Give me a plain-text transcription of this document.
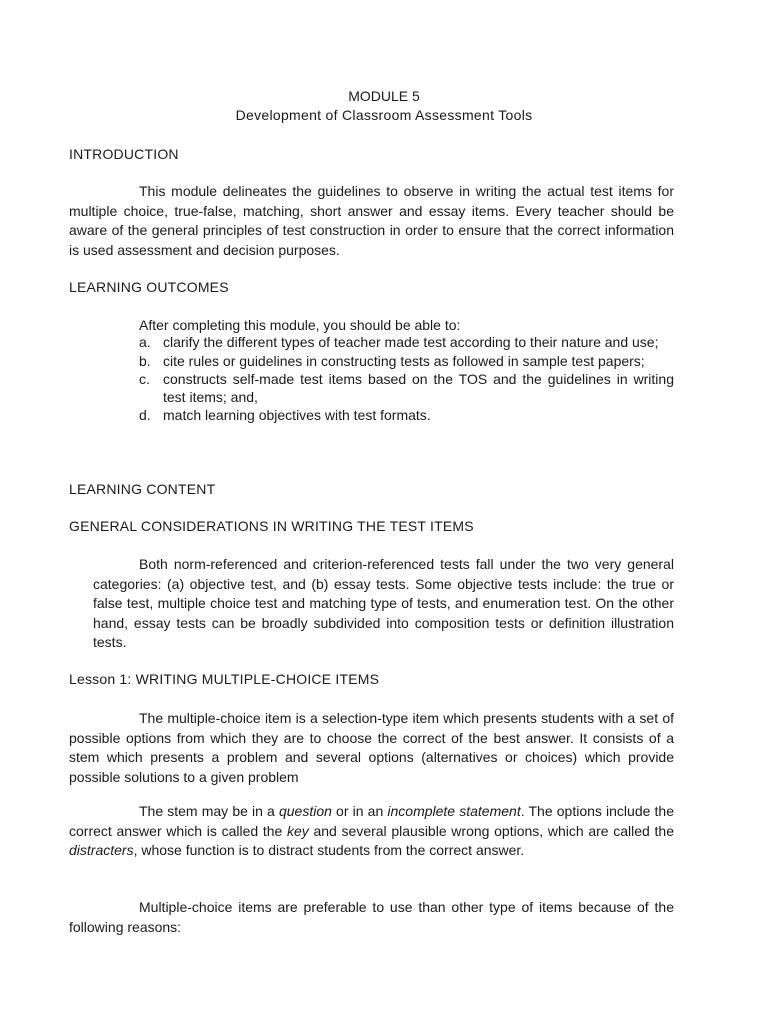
MODULE 5
Development of Classroom Assessment Tools
INTRODUCTION

This module delineates the guidelines to observe in writing the actual test items for multiple choice, true-false, matching, short answer and essay items. Every teacher should be aware of the general principles of test construction in order to ensure that the correct information is used assessment and decision purposes.

LEARNING OUTCOMES
After completing this module, you should be able to:
a. clarify the different types of teacher made test according to their nature and use;
b. cite rules or guidelines in constructing tests as followed in sample test papers;
c. constructs self-made test items based on the TOS and the guidelines in writing test items; and,
d. match learning objectives with test formats.
LEARNING CONTENT
GENERAL CONSIDERATIONS IN WRITING THE TEST ITEMS

Both norm-referenced and criterion-referenced tests fall under the two very general categories: (a) objective test, and (b) essay tests. Some objective tests include: the true or false test, multiple choice test and matching type of tests, and enumeration test. On the other hand, essay tests can be broadly subdivided into composition tests or definition illustration tests.

Lesson 1: WRITING MULTIPLE-CHOICE ITEMS

The multiple-choice item is a selection-type item which presents students with a set of possible options from which they are to choose the correct of the best answer. It consists of a stem which presents a problem and several options (alternatives or choices) which provide possible solutions to a given problem

The stem may be in a question or in an incomplete statement. The options include the correct answer which is called the key and several plausible wrong options, which are called the distracters, whose function is to distract students from the correct answer.

Multiple-choice items are preferable to use than other type of items because of the following reasons:
